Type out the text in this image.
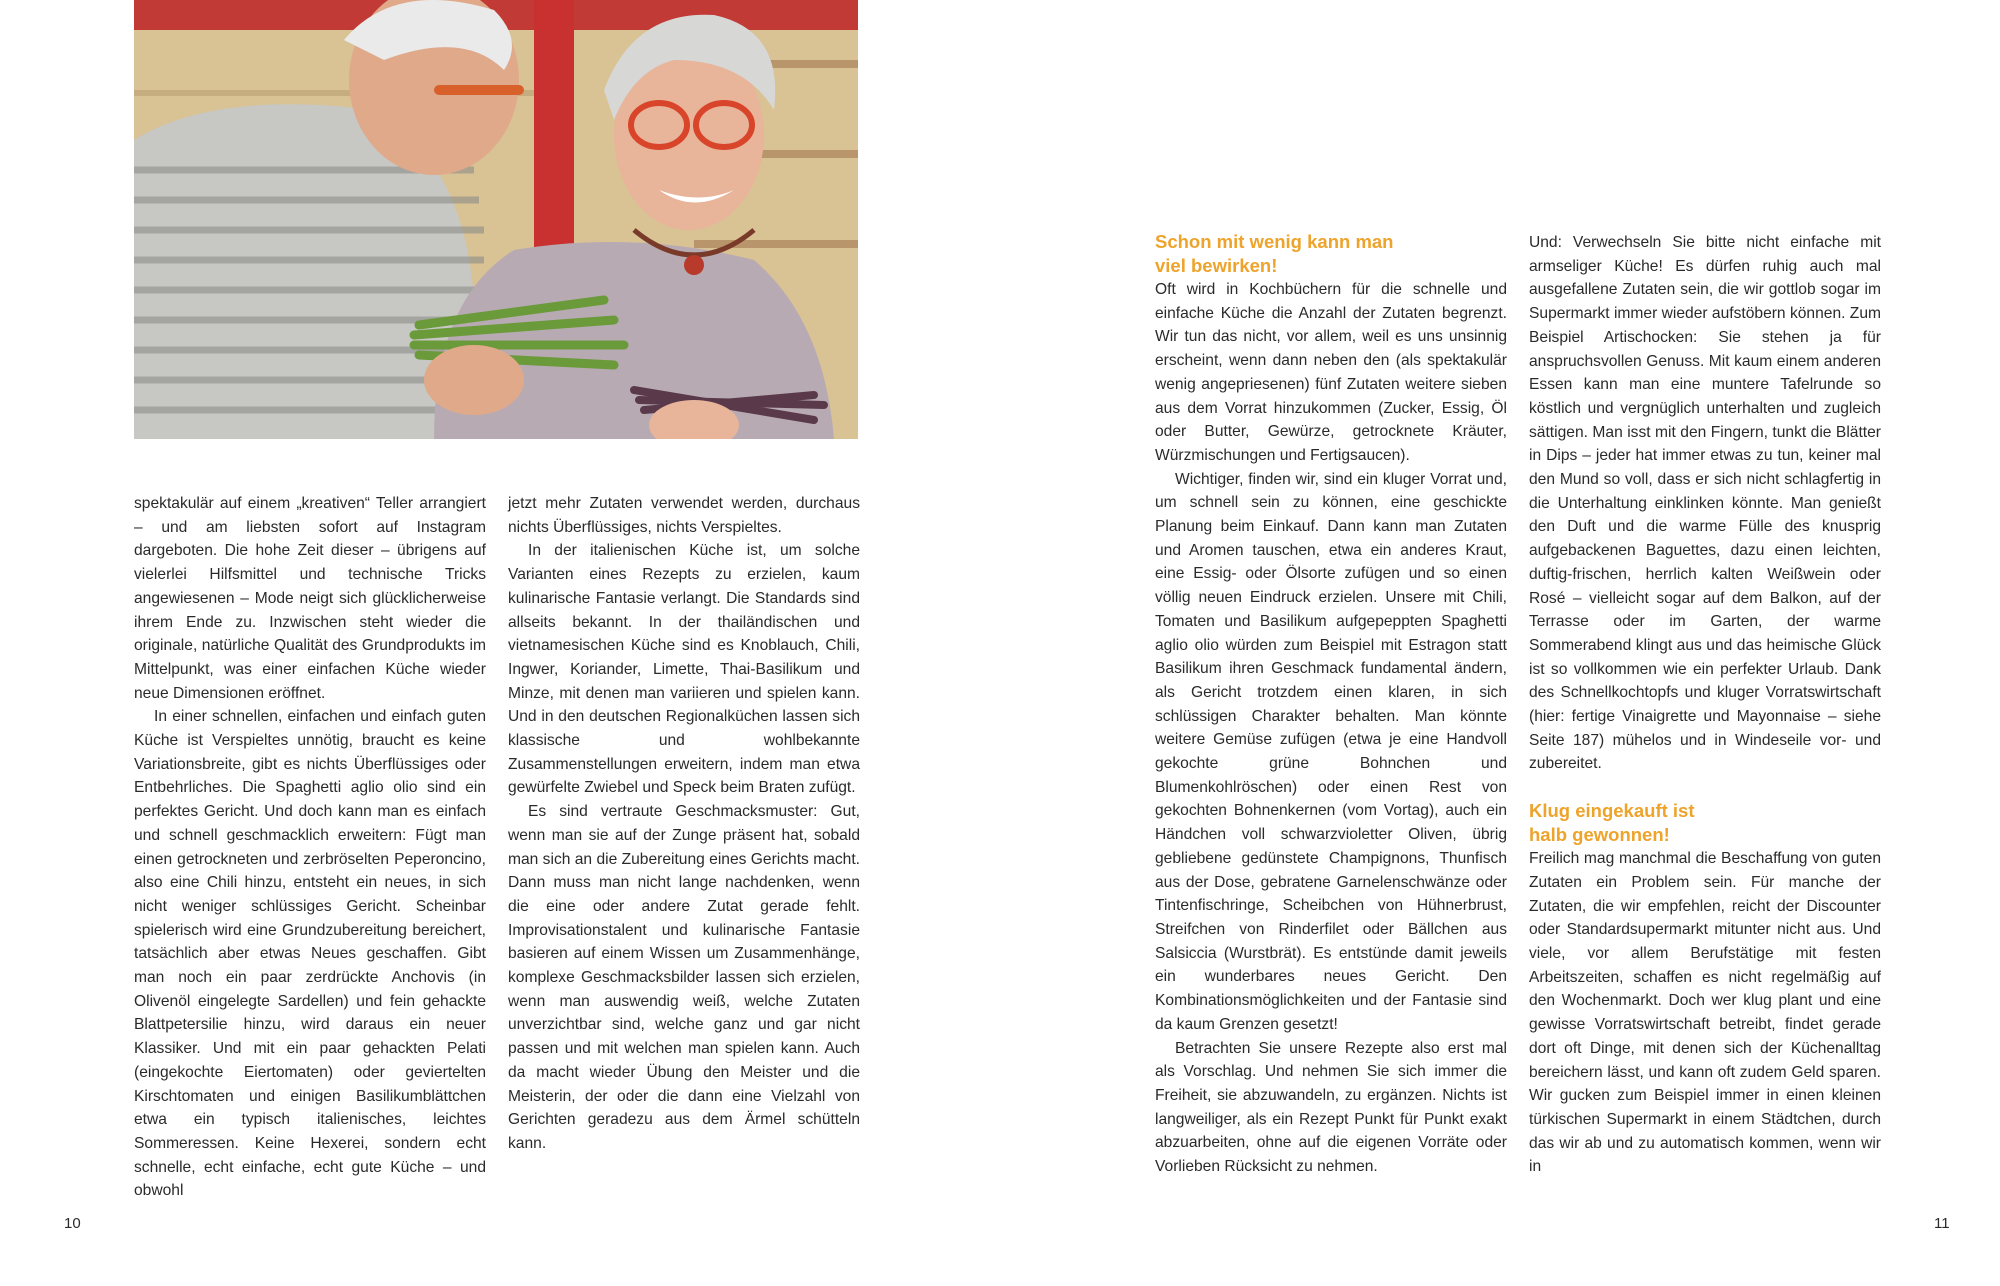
spektakulär auf einem „kreativen“ Teller arrangiert – und am liebsten sofort auf Instagram dargeboten. Die hohe Zeit dieser – übrigens auf vielerlei Hilfsmittel und technische Tricks angewiesenen – Mode neigt sich glücklicherweise ihrem Ende zu. Inzwischen steht wieder die originale, natürliche Qualität des Grundprodukts im Mittelpunkt, was einer einfachen Küche wieder neue Dimensionen eröffnet.

In einer schnellen, einfachen und einfach guten Küche ist Verspieltes unnötig, braucht es keine Variationsbreite, gibt es nichts Überflüssiges oder Entbehrliches. Die Spaghetti aglio olio sind ein perfektes Gericht. Und doch kann man es einfach und schnell geschmacklich erweitern: Fügt man einen getrockneten und zerbröselten Peperoncino, also eine Chili hinzu, entsteht ein neues, in sich nicht weniger schlüssiges Gericht. Scheinbar spielerisch wird eine Grundzubereitung bereichert, tatsächlich aber etwas Neues geschaffen. Gibt man noch ein paar zerdrückte Anchovis (in Olivenöl eingelegte Sardellen) und fein gehackte Blattpetersilie hinzu, wird daraus ein neuer Klassiker. Und mit ein paar gehackten Pelati (eingekochte Eiertomaten) oder geviertelten Kirschtomaten und einigen Basilikumblättchen etwa ein typisch italienisches, leichtes Sommeressen. Keine Hexerei, sondern echt schnelle, echt einfache, echt gute Küche – und obwohl

jetzt mehr Zutaten verwendet werden, durchaus nichts Überflüssiges, nichts Verspieltes.

In der italienischen Küche ist, um solche Varianten eines Rezepts zu erzielen, kaum kulinarische Fantasie verlangt. Die Standards sind allseits bekannt. In der thailändischen und vietnamesischen Küche sind es Knoblauch, Chili, Ingwer, Koriander, Limette, Thai-Basilikum und Minze, mit denen man variieren und spielen kann. Und in den deutschen Regionalküchen lassen sich klassische und wohlbekannte Zusammenstellungen erweitern, indem man etwa gewürfelte Zwiebel und Speck beim Braten zufügt.

Es sind vertraute Geschmacksmuster: Gut, wenn man sie auf der Zunge präsent hat, sobald man sich an die Zubereitung eines Gerichts macht. Dann muss man nicht lange nachdenken, wenn die eine oder andere Zutat gerade fehlt. Improvisationstalent und kulinarische Fantasie basieren auf einem Wissen um Zusammenhänge, komplexe Geschmacksbilder lassen sich erzielen, wenn man auswendig weiß, welche Zutaten unverzichtbar sind, welche ganz und gar nicht passen und mit welchen man spielen kann. Auch da macht wieder Übung den Meister und die Meisterin, der oder die dann eine Vielzahl von Gerichten geradezu aus dem Ärmel schütteln kann.

Schon mit wenig kann man
viel bewirken!

Oft wird in Kochbüchern für die schnelle und einfache Küche die Anzahl der Zutaten begrenzt. Wir tun das nicht, vor allem, weil es uns unsinnig erscheint, wenn dann neben den (als spektakulär wenig angepriesenen) fünf Zutaten weitere sieben aus dem Vorrat hinzukommen (Zucker, Essig, Öl oder Butter, Gewürze, getrocknete Kräuter, Würzmischungen und Fertigsaucen).

Wichtiger, finden wir, sind ein kluger Vorrat und, um schnell sein zu können, eine geschickte Planung beim Einkauf. Dann kann man Zutaten und Aromen tauschen, etwa ein anderes Kraut, eine Essig- oder Ölsorte zufügen und so einen völlig neuen Eindruck erzielen. Unsere mit Chili, Tomaten und Basilikum aufgepeppten Spaghetti aglio olio würden zum Beispiel mit Estragon statt Basilikum ihren Geschmack fundamental ändern, als Gericht trotzdem einen klaren, in sich schlüssigen Charakter behalten. Man könnte weitere Gemüse zufügen (etwa je eine Handvoll gekochte grüne Bohnchen und Blumenkohlröschen) oder einen Rest von gekochten Bohnenkernen (vom Vortag), auch ein Händchen voll schwarzvioletter Oliven, übrig gebliebene gedünstete Champignons, Thunfisch aus der Dose, gebratene Garnelenschwänze oder Tintenfischringe, Scheibchen von Hühnerbrust, Streifchen von Rinderfilet oder Bällchen aus Salsiccia (Wurstbrät). Es entstünde damit jeweils ein wunderbares neues Gericht. Den Kombinationsmöglichkeiten und der Fantasie sind da kaum Grenzen gesetzt!

Betrachten Sie unsere Rezepte also erst mal als Vorschlag. Und nehmen Sie sich immer die Freiheit, sie abzuwandeln, zu ergänzen. Nichts ist langweiliger, als ein Rezept Punkt für Punkt exakt abzuarbeiten, ohne auf die eigenen Vorräte oder Vorlieben Rücksicht zu nehmen.

Und: Verwechseln Sie bitte nicht einfache mit armseliger Küche! Es dürfen ruhig auch mal ausgefallene Zutaten sein, die wir gottlob sogar im Supermarkt immer wieder aufstöbern können. Zum Beispiel Artischocken: Sie stehen ja für anspruchsvollen Genuss. Mit kaum einem anderen Essen kann man eine muntere Tafelrunde so köstlich und vergnüglich unterhalten und zugleich sättigen. Man isst mit den Fingern, tunkt die Blätter in Dips – jeder hat immer etwas zu tun, keiner mal den Mund so voll, dass er sich nicht schlagfertig in die Unterhaltung einklinken könnte. Man genießt den Duft und die warme Fülle des knusprig aufgebackenen Baguettes, dazu einen leichten, duftig-frischen, herrlich kalten Weißwein oder Rosé – vielleicht sogar auf dem Balkon, auf der Terrasse oder im Garten, der warme Sommerabend klingt aus und das heimische Glück ist so vollkommen wie ein perfekter Urlaub. Dank des Schnellkochtopfs und kluger Vorratswirtschaft (hier: fertige Vinaigrette und Mayonnaise – siehe Seite 187) mühelos und in Windeseile vor- und zubereitet.

Klug eingekauft ist
halb gewonnen!

Freilich mag manchmal die Beschaffung von guten Zutaten ein Problem sein. Für manche der Zutaten, die wir empfehlen, reicht der Discounter oder Standardsupermarkt mitunter nicht aus. Und viele, vor allem Berufstätige mit festen Arbeitszeiten, schaffen es nicht regelmäßig auf den Wochenmarkt. Doch wer klug plant und eine gewisse Vorratswirtschaft betreibt, findet gerade dort oft Dinge, mit denen sich der Küchenalltag bereichern lässt, und kann oft zudem Geld sparen. Wir gucken zum Beispiel immer in einen kleinen türkischen Supermarkt in einem Städtchen, durch das wir ab und zu automatisch kommen, wenn wir in

10	11
